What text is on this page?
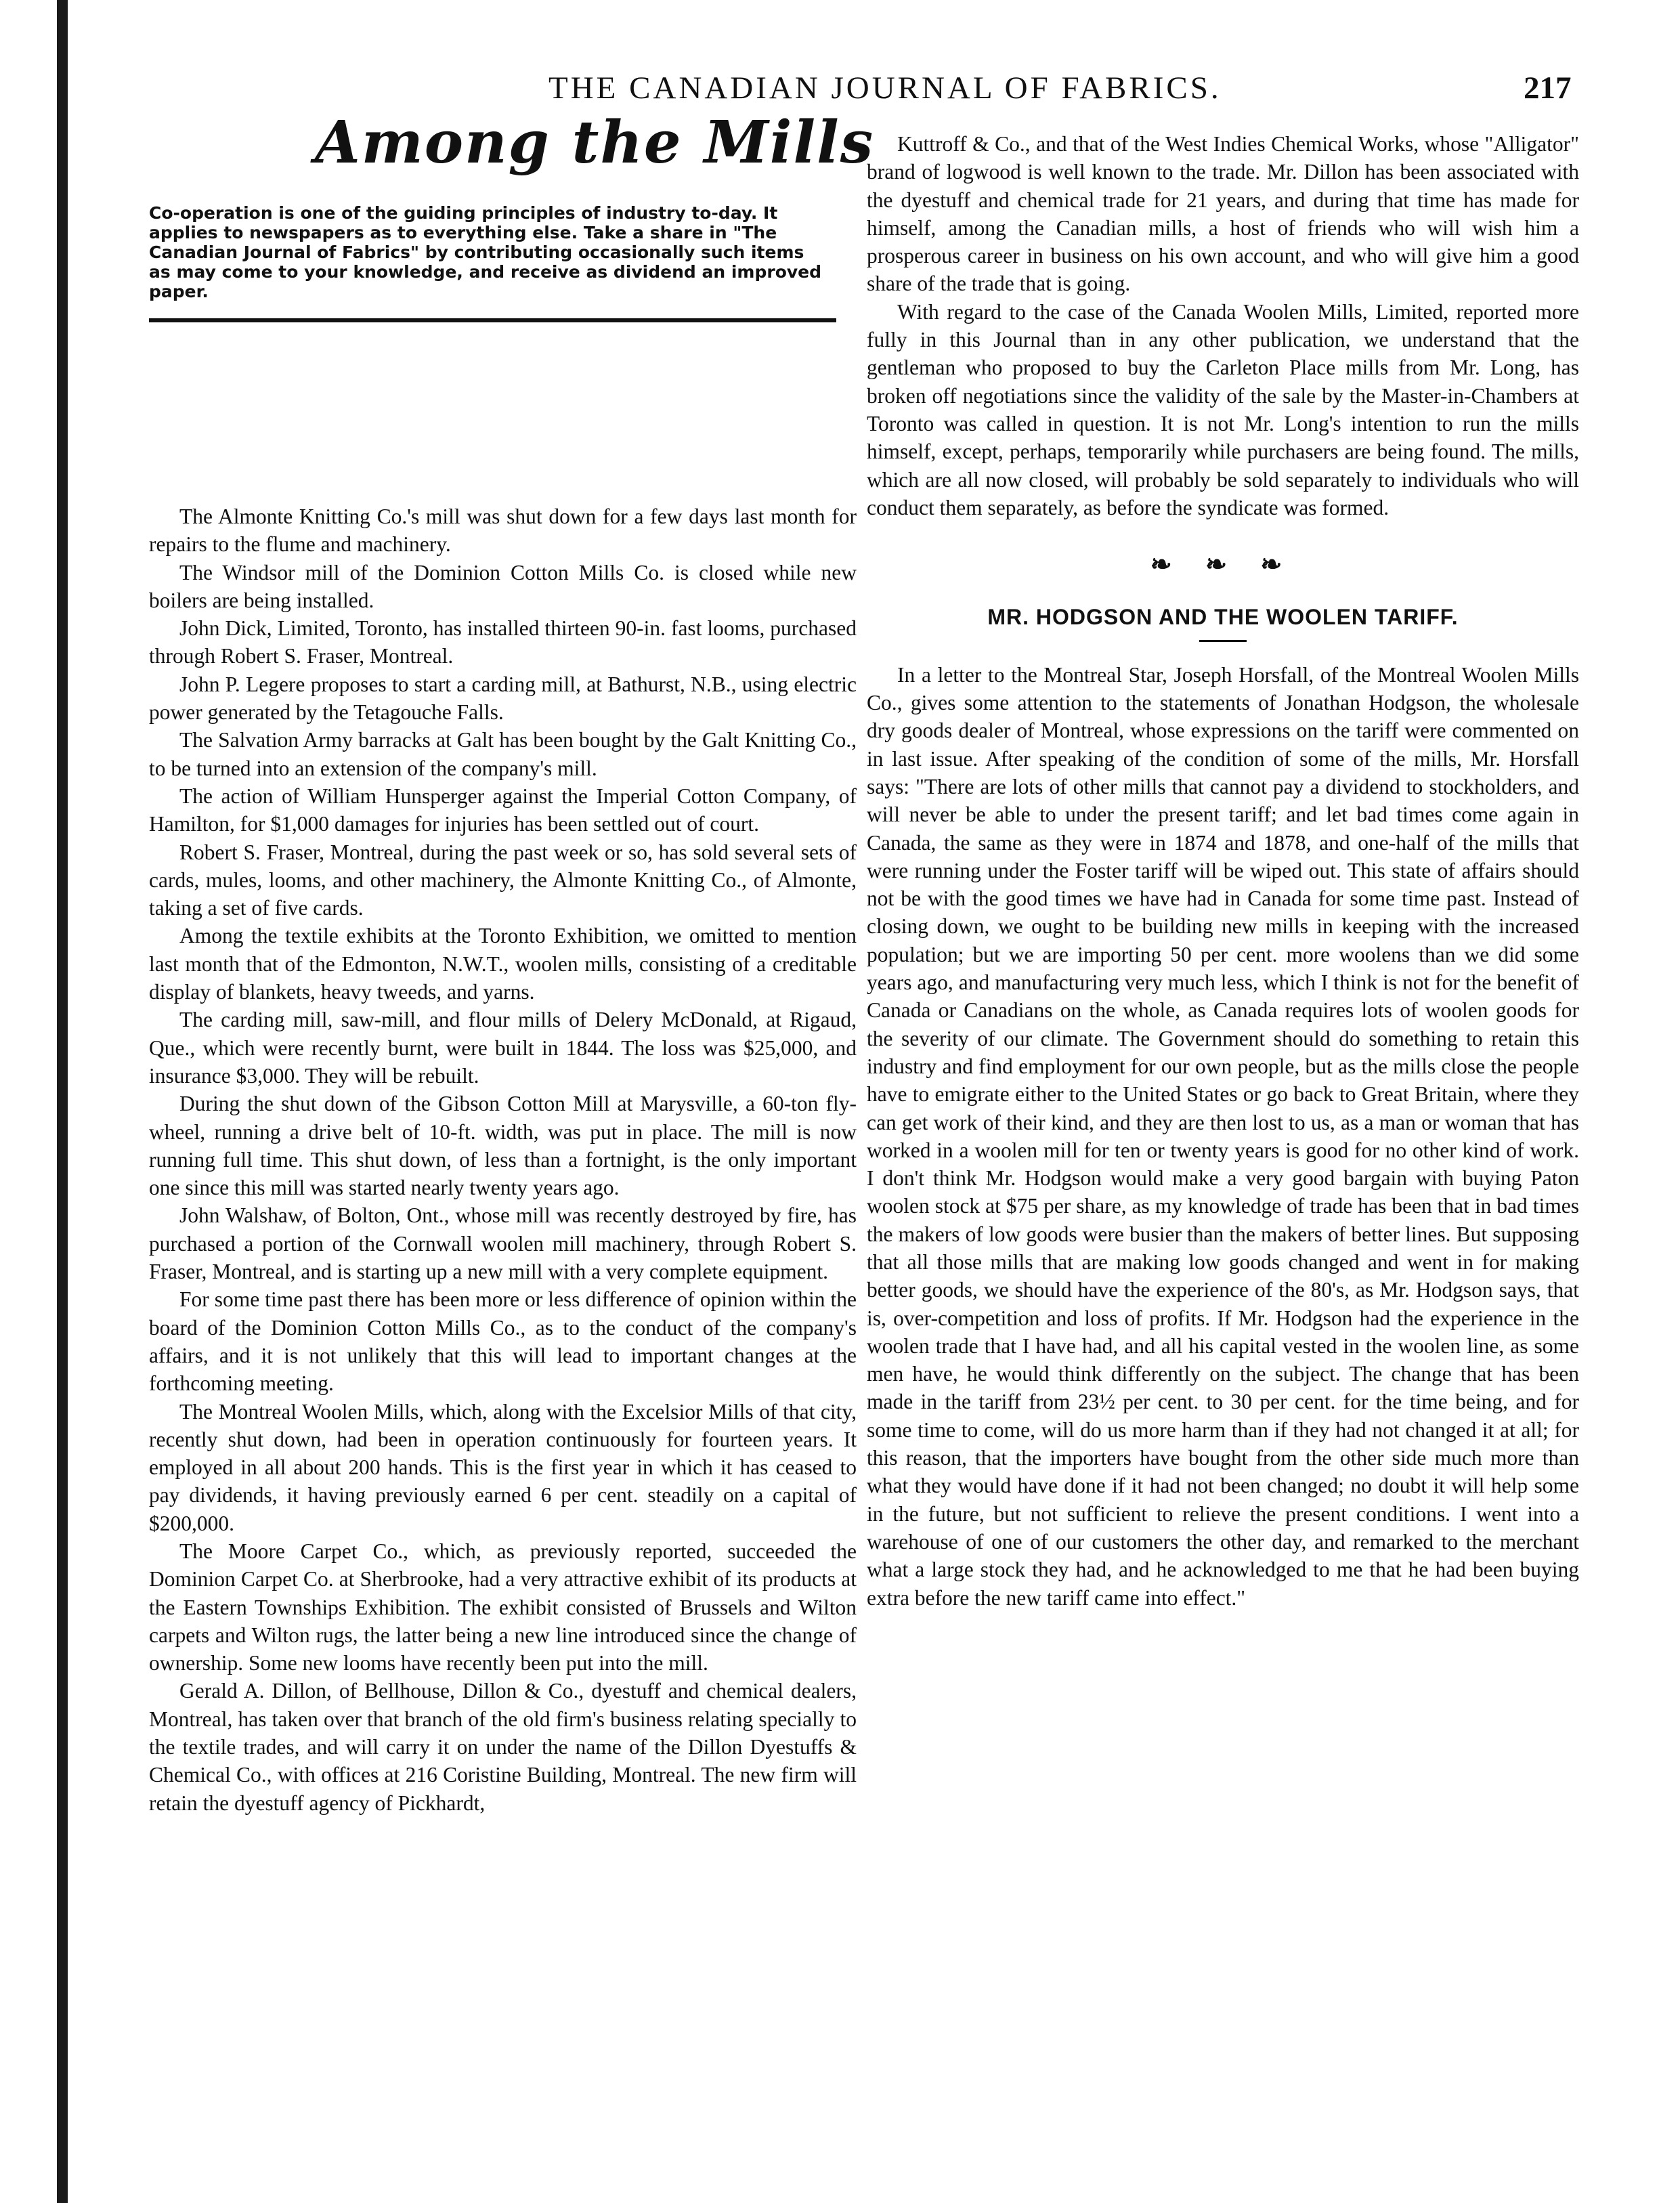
THE CANADIAN JOURNAL OF FABRICS.	217
Among the Mills
Co-operation is one of the guiding principles of industry to-day. It applies to newspapers as to everything else. Take a share in "The Canadian Journal of Fabrics" by contributing occasionally such items as may come to your knowledge, and receive as dividend an improved paper.

The Almonte Knitting Co.'s mill was shut down for a few days last month for repairs to the flume and machinery.

The Windsor mill of the Dominion Cotton Mills Co. is closed while new boilers are being installed.

John Dick, Limited, Toronto, has installed thirteen 90-in. fast looms, purchased through Robert S. Fraser, Montreal.

John P. Legere proposes to start a carding mill, at Bathurst, N.B., using electric power generated by the Tetagouche Falls.

The Salvation Army barracks at Galt has been bought by the Galt Knitting Co., to be turned into an extension of the company's mill.

The action of William Hunsperger against the Imperial Cotton Company, of Hamilton, for $1,000 damages for injuries has been settled out of court.

Robert S. Fraser, Montreal, during the past week or so, has sold several sets of cards, mules, looms, and other machinery, the Almonte Knitting Co., of Almonte, taking a set of five cards.

Among the textile exhibits at the Toronto Exhibition, we omitted to mention last month that of the Edmonton, N.W.T., woolen mills, consisting of a creditable display of blankets, heavy tweeds, and yarns.

The carding mill, saw-mill, and flour mills of Delery McDonald, at Rigaud, Que., which were recently burnt, were built in 1844. The loss was $25,000, and insurance $3,000. They will be rebuilt.

During the shut down of the Gibson Cotton Mill at Marysville, a 60-ton fly-wheel, running a drive belt of 10-ft. width, was put in place. The mill is now running full time. This shut down, of less than a fortnight, is the only important one since this mill was started nearly twenty years ago.

John Walshaw, of Bolton, Ont., whose mill was recently destroyed by fire, has purchased a portion of the Cornwall woolen mill machinery, through Robert S. Fraser, Montreal, and is starting up a new mill with a very complete equipment.

For some time past there has been more or less difference of opinion within the board of the Dominion Cotton Mills Co., as to the conduct of the company's affairs, and it is not unlikely that this will lead to important changes at the forthcoming meeting.

The Montreal Woolen Mills, which, along with the Excelsior Mills of that city, recently shut down, had been in operation continuously for fourteen years. It employed in all about 200 hands. This is the first year in which it has ceased to pay dividends, it having previously earned 6 per cent. steadily on a capital of $200,000.

The Moore Carpet Co., which, as previously reported, succeeded the Dominion Carpet Co. at Sherbrooke, had a very attractive exhibit of its products at the Eastern Townships Exhibition. The exhibit consisted of Brussels and Wilton carpets and Wilton rugs, the latter being a new line introduced since the change of ownership. Some new looms have recently been put into the mill.

Gerald A. Dillon, of Bellhouse, Dillon & Co., dyestuff and chemical dealers, Montreal, has taken over that branch of the old firm's business relating specially to the textile trades, and will carry it on under the name of the Dillon Dyestuffs & Chemical Co., with offices at 216 Coristine Building, Montreal. The new firm will retain the dyestuff agency of Pickhardt,

Kuttroff & Co., and that of the West Indies Chemical Works, whose "Alligator" brand of logwood is well known to the trade. Mr. Dillon has been associated with the dyestuff and chemical trade for 21 years, and during that time has made for himself, among the Canadian mills, a host of friends who will wish him a prosperous career in business on his own account, and who will give him a good share of the trade that is going.

With regard to the case of the Canada Woolen Mills, Limited, reported more fully in this Journal than in any other publication, we understand that the gentleman who proposed to buy the Carleton Place mills from Mr. Long, has broken off negotiations since the validity of the sale by the Master-in-Chambers at Toronto was called in question. It is not Mr. Long's intention to run the mills himself, except, perhaps, temporarily while purchasers are being found. The mills, which are all now closed, will probably be sold separately to individuals who will conduct them separately, as before the syndicate was formed.

❧ ❧ ❧
MR. HODGSON AND THE WOOLEN TARIFF.

In a letter to the Montreal Star, Joseph Horsfall, of the Montreal Woolen Mills Co., gives some attention to the statements of Jonathan Hodgson, the wholesale dry goods dealer of Montreal, whose expressions on the tariff were commented on in last issue. After speaking of the condition of some of the mills, Mr. Horsfall says: "There are lots of other mills that cannot pay a dividend to stockholders, and will never be able to under the present tariff; and let bad times come again in Canada, the same as they were in 1874 and 1878, and one-half of the mills that were running under the Foster tariff will be wiped out. This state of affairs should not be with the good times we have had in Canada for some time past. Instead of closing down, we ought to be building new mills in keeping with the increased population; but we are importing 50 per cent. more woolens than we did some years ago, and manufacturing very much less, which I think is not for the benefit of Canada or Canadians on the whole, as Canada requires lots of woolen goods for the severity of our climate. The Government should do something to retain this industry and find employment for our own people, but as the mills close the people have to emigrate either to the United States or go back to Great Britain, where they can get work of their kind, and they are then lost to us, as a man or woman that has worked in a woolen mill for ten or twenty years is good for no other kind of work. I don't think Mr. Hodgson would make a very good bargain with buying Paton woolen stock at $75 per share, as my knowledge of trade has been that in bad times the makers of low goods were busier than the makers of better lines. But supposing that all those mills that are making low goods changed and went in for making better goods, we should have the experience of the 80's, as Mr. Hodgson says, that is, over-competition and loss of profits. If Mr. Hodgson had the experience in the woolen trade that I have had, and all his capital vested in the woolen line, as some men have, he would think differently on the subject. The change that has been made in the tariff from 23½ per cent. to 30 per cent. for the time being, and for some time to come, will do us more harm than if they had not changed it at all; for this reason, that the importers have bought from the other side much more than what they would have done if it had not been changed; no doubt it will help some in the future, but not sufficient to relieve the present conditions. I went into a warehouse of one of our customers the other day, and remarked to the merchant what a large stock they had, and he acknowledged to me that he had been buying extra before the new tariff came into effect."
